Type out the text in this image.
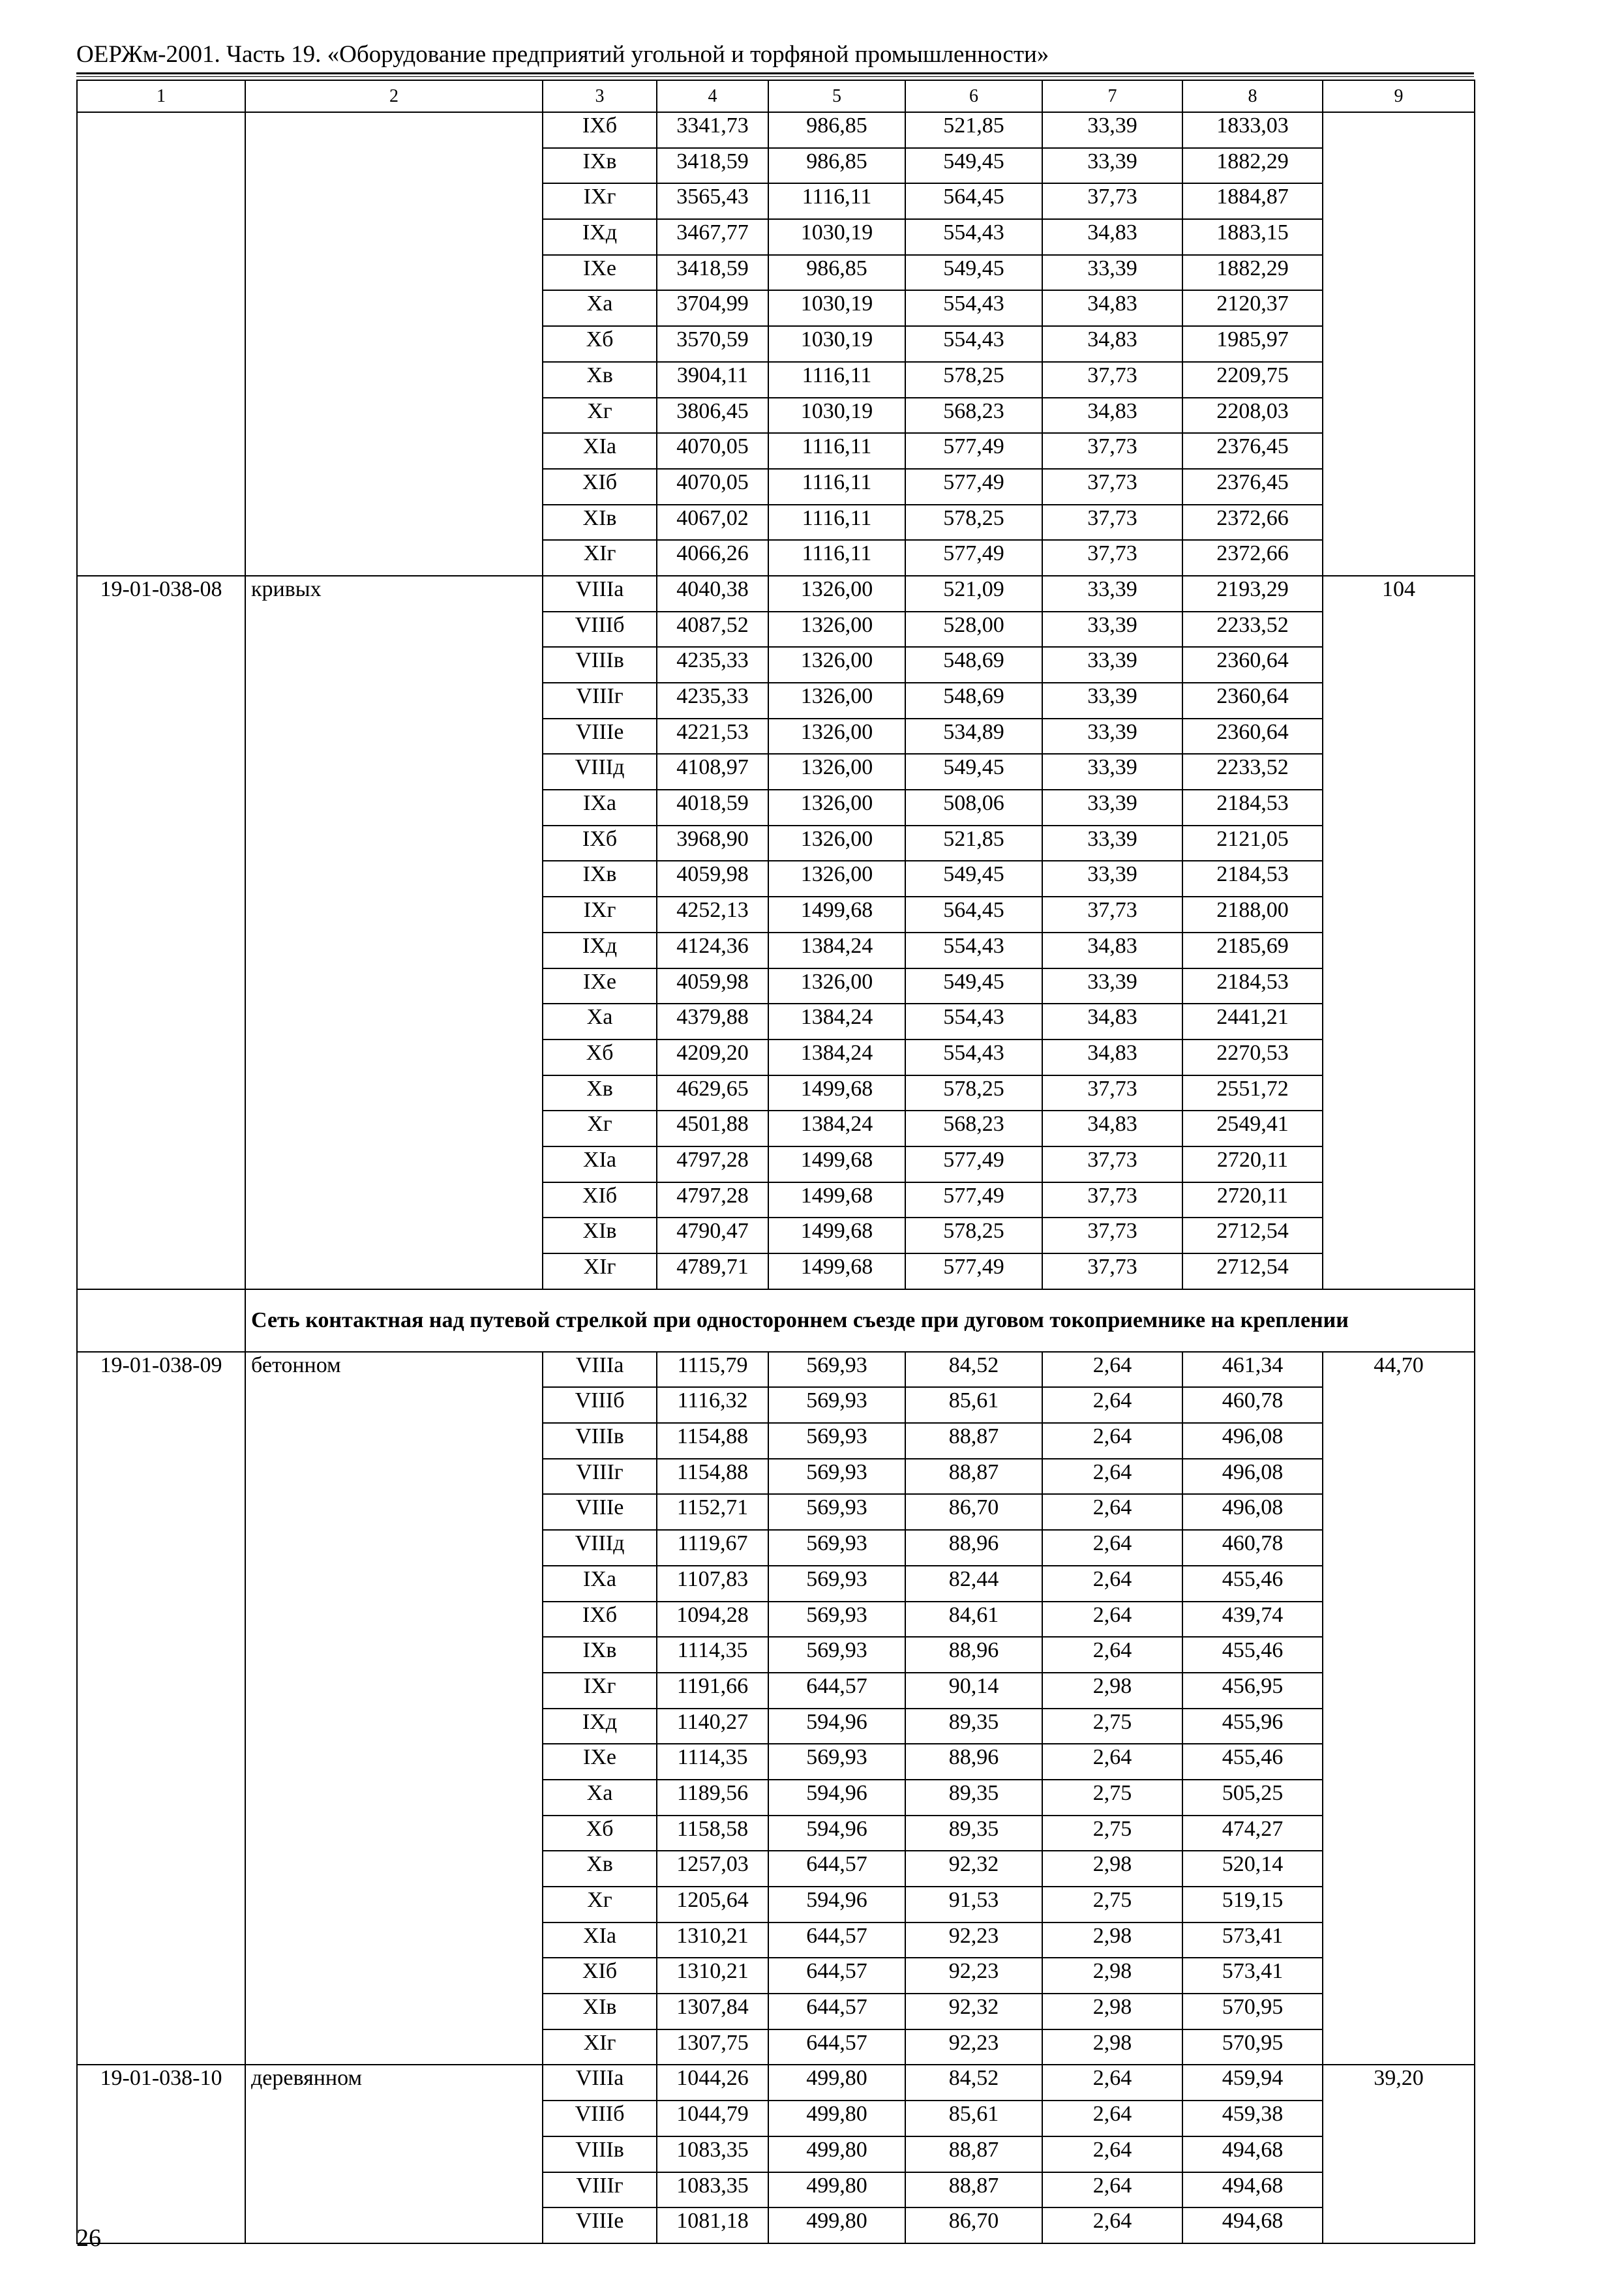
ОЕРЖм-2001. Часть 19. «Оборудование предприятий угольной и торфяной промышленности»
1	2	3	4	5	6	7	8	9
		IXб	3341,73	986,85	521,85	33,39	1833,03	
		IXв	3418,59	986,85	549,45	33,39	1882,29	
		IXг	3565,43	1116,11	564,45	37,73	1884,87	
		IXд	3467,77	1030,19	554,43	34,83	1883,15	
		IXе	3418,59	986,85	549,45	33,39	1882,29	
		Xа	3704,99	1030,19	554,43	34,83	2120,37	
		Xб	3570,59	1030,19	554,43	34,83	1985,97	
		Xв	3904,11	1116,11	578,25	37,73	2209,75	
		Xг	3806,45	1030,19	568,23	34,83	2208,03	
		XIа	4070,05	1116,11	577,49	37,73	2376,45	
		XIб	4070,05	1116,11	577,49	37,73	2376,45	
		XIв	4067,02	1116,11	578,25	37,73	2372,66	
		XIг	4066,26	1116,11	577,49	37,73	2372,66	
19-01-038-08	кривых	VIIIа	4040,38	1326,00	521,09	33,39	2193,29	104
		VIIIб	4087,52	1326,00	528,00	33,39	2233,52	
		VIIIв	4235,33	1326,00	548,69	33,39	2360,64	
		VIIIг	4235,33	1326,00	548,69	33,39	2360,64	
		VIIIе	4221,53	1326,00	534,89	33,39	2360,64	
		VIIIд	4108,97	1326,00	549,45	33,39	2233,52	
		IXа	4018,59	1326,00	508,06	33,39	2184,53	
		IXб	3968,90	1326,00	521,85	33,39	2121,05	
		IXв	4059,98	1326,00	549,45	33,39	2184,53	
		IXг	4252,13	1499,68	564,45	37,73	2188,00	
		IXд	4124,36	1384,24	554,43	34,83	2185,69	
		IXе	4059,98	1326,00	549,45	33,39	2184,53	
		Xа	4379,88	1384,24	554,43	34,83	2441,21	
		Xб	4209,20	1384,24	554,43	34,83	2270,53	
		Xв	4629,65	1499,68	578,25	37,73	2551,72	
		Xг	4501,88	1384,24	568,23	34,83	2549,41	
		XIа	4797,28	1499,68	577,49	37,73	2720,11	
		XIб	4797,28	1499,68	577,49	37,73	2720,11	
		XIв	4790,47	1499,68	578,25	37,73	2712,54	
		XIг	4789,71	1499,68	577,49	37,73	2712,54	
	Сеть контактная над путевой стрелкой при одностороннем съезде при дуговом токоприемнике на креплении							
19-01-038-09	бетонном	VIIIа	1115,79	569,93	84,52	2,64	461,34	44,70
		VIIIб	1116,32	569,93	85,61	2,64	460,78	
		VIIIв	1154,88	569,93	88,87	2,64	496,08	
		VIIIг	1154,88	569,93	88,87	2,64	496,08	
		VIIIе	1152,71	569,93	86,70	2,64	496,08	
		VIIIд	1119,67	569,93	88,96	2,64	460,78	
		IXа	1107,83	569,93	82,44	2,64	455,46	
		IXб	1094,28	569,93	84,61	2,64	439,74	
		IXв	1114,35	569,93	88,96	2,64	455,46	
		IXг	1191,66	644,57	90,14	2,98	456,95	
		IXд	1140,27	594,96	89,35	2,75	455,96	
		IXе	1114,35	569,93	88,96	2,64	455,46	
		Xа	1189,56	594,96	89,35	2,75	505,25	
		Xб	1158,58	594,96	89,35	2,75	474,27	
		Xв	1257,03	644,57	92,32	2,98	520,14	
		Xг	1205,64	594,96	91,53	2,75	519,15	
		XIа	1310,21	644,57	92,23	2,98	573,41	
		XIб	1310,21	644,57	92,23	2,98	573,41	
		XIв	1307,84	644,57	92,32	2,98	570,95	
		XIг	1307,75	644,57	92,23	2,98	570,95	
19-01-038-10	деревянном	VIIIа	1044,26	499,80	84,52	2,64	459,94	39,20
		VIIIб	1044,79	499,80	85,61	2,64	459,38	
		VIIIв	1083,35	499,80	88,87	2,64	494,68	
		VIIIг	1083,35	499,80	88,87	2,64	494,68	
		VIIIе	1081,18	499,80	86,70	2,64	494,68	
26
